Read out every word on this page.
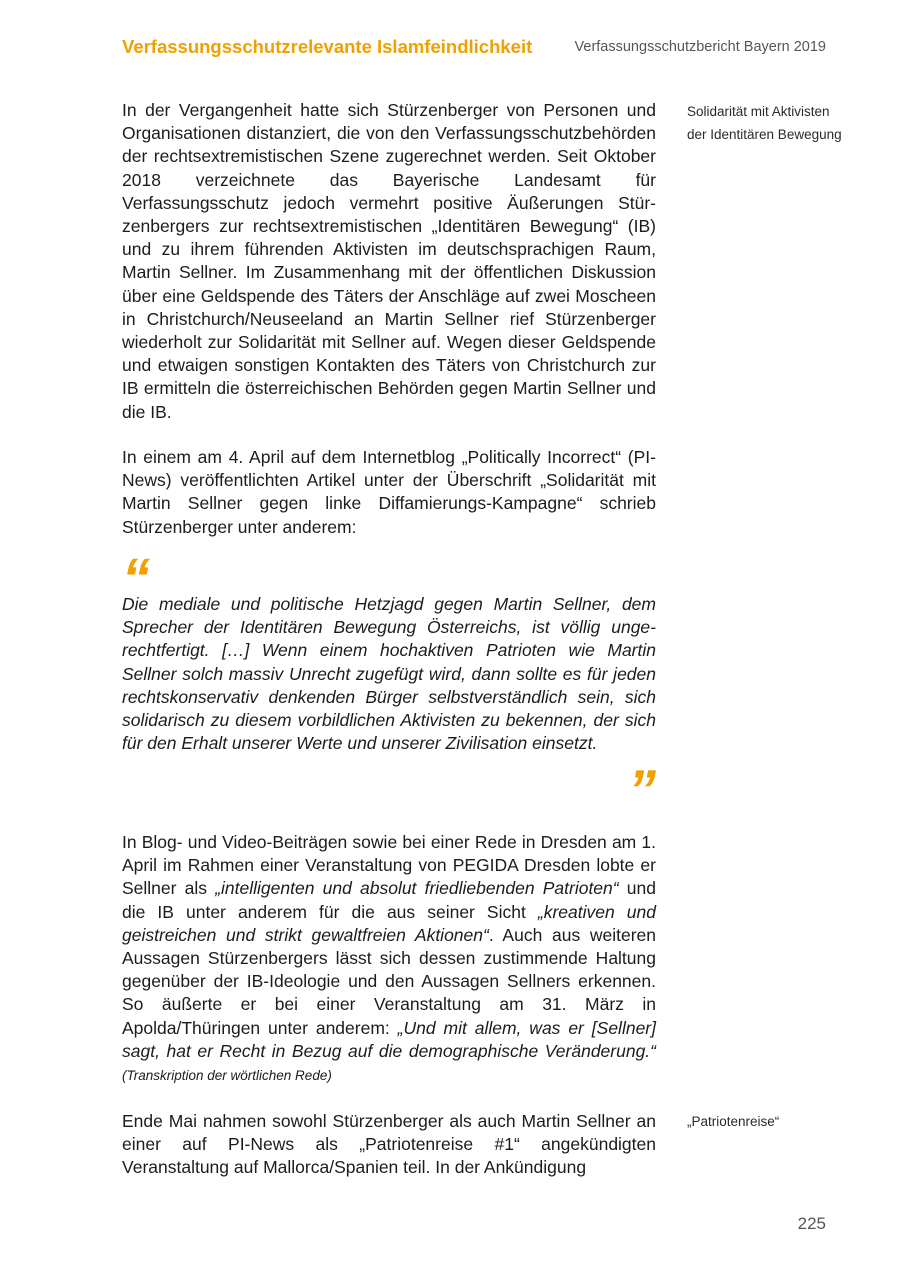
Verfassungsschutzrelevante Islamfeindlichkeit	Verfassungsschutzbericht Bayern 2019
Solidarität mit Aktivisten der Identitären Bewegung

In der Vergangenheit hatte sich Stürzenberger von Personen und Organisationen distanziert, die von den Verfassungsschutzbehörden der rechtsextremistischen Szene zugerechnet werden. Seit Oktober 2018 verzeichnete das Bayerische Landesamt für Verfassungsschutz jedoch vermehrt positive Äußerungen Stürzenbergers zur rechtsextremistischen „Identitären Bewegung“ (IB) und zu ihrem führenden Aktivisten im deutschsprachigen Raum, Martin Sellner. Im Zusammenhang mit der öffentlichen Diskussion über eine Geldspende des Täters der Anschläge auf zwei Moscheen in Christchurch/Neuseeland an Martin Sellner rief Stürzenberger wiederholt zur Solidarität mit Sellner auf. Wegen dieser Geldspende und etwaigen sonstigen Kontakten des Täters von Christchurch zur IB ermitteln die österreichischen Behörden gegen Martin Sellner und die IB.

In einem am 4. April auf dem Internetblog „Politically Incorrect“ (PI-News) veröffentlichten Artikel unter der Überschrift „Solidarität mit Martin Sellner gegen linke Diffamierungs-Kampagne“ schrieb Stürzenberger unter anderem:

“

Die mediale und politische Hetzjagd gegen Martin Sellner, dem Sprecher der Identitären Bewegung Österreichs, ist völlig ungerechtfertigt. […] Wenn einem hochaktiven Patrioten wie Martin Sellner solch massiv Unrecht zugefügt wird, dann sollte es für jeden rechtskonservativ denkenden Bürger selbstverständlich sein, sich solidarisch zu diesem vorbildlichen Aktivisten zu bekennen, der sich für den Erhalt unserer Werte und unserer Zivilisation einsetzt.

”

In Blog- und Video-Beiträgen sowie bei einer Rede in Dresden am 1. April im Rahmen einer Veranstaltung von PEGIDA Dresden lobte er Sellner als „intelligenten und absolut friedliebenden Patrioten“ und die IB unter anderem für die aus seiner Sicht „kreativen und geistreichen und strikt gewaltfreien Aktionen“. Auch aus weiteren Aussagen Stürzenbergers lässt sich dessen zustimmende Haltung gegenüber der IB-Ideologie und den Aussagen Sellners erkennen. So äußerte er bei einer Veranstaltung am 31. März in Apolda/Thüringen unter anderem: „Und mit allem, was er [Sellner] sagt, hat er Recht in Bezug auf die demographische Veränderung.“ (Transkription der wörtlichen Rede)

„Patriotenreise“

Ende Mai nahmen sowohl Stürzenberger als auch Martin Sellner an einer auf PI-News als „Patriotenreise #1“ angekündigten Veranstaltung auf Mallorca/Spanien teil. In der Ankündigung

225
